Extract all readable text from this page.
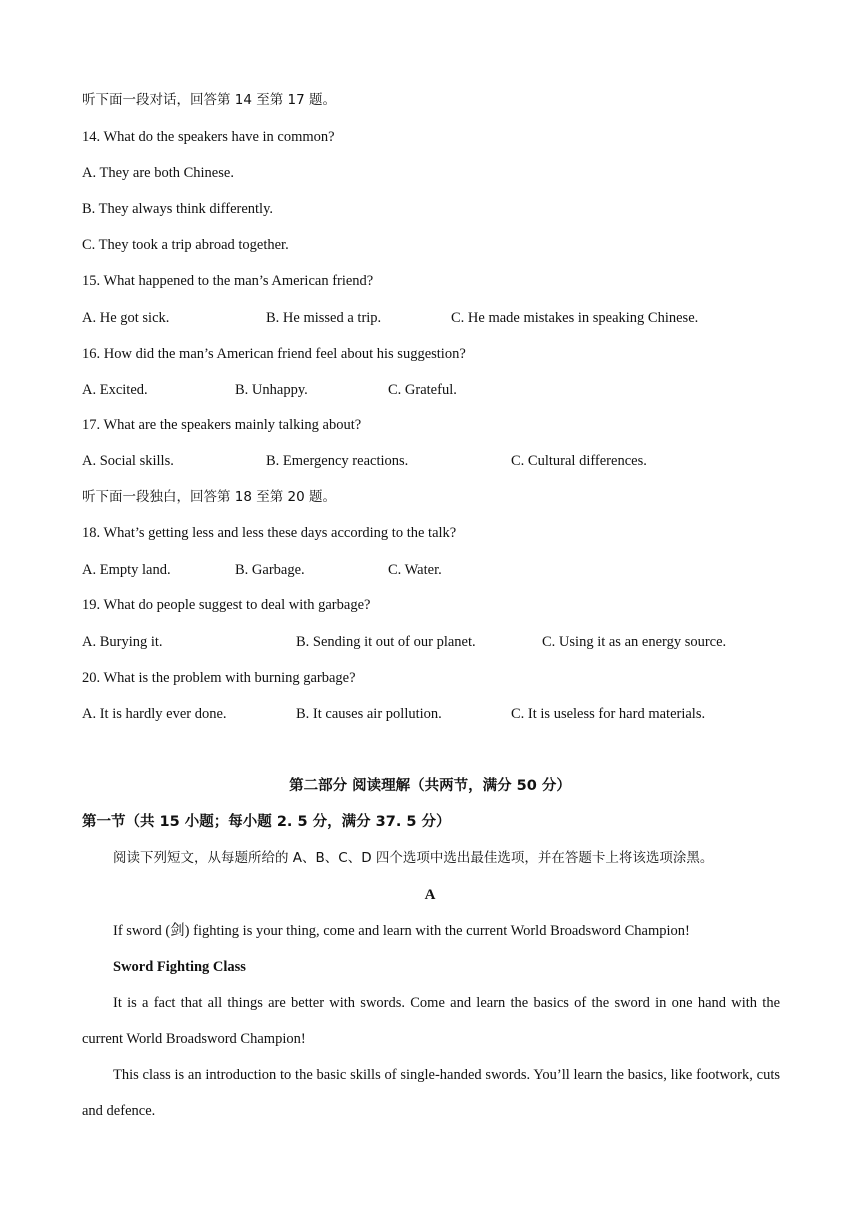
听下面一段对话，回答第 14 至第 17 题。
14. What do the speakers have in common?
A. They are both Chinese.
B. They always think differently.
C. They took a trip abroad together.
15. What happened to the man’s American friend?
A. He got sick.	B. He missed a trip.	C. He made mistakes in speaking Chinese.
16. How did the man’s American friend feel about his suggestion?
A. Excited.	B. Unhappy.	C. Grateful.
17. What are the speakers mainly talking about?
A. Social skills.	B. Emergency reactions.	C. Cultural differences.
听下面一段独白，回答第 18 至第 20 题。
18. What’s getting less and less these days according to the talk?
A. Empty land.	B. Garbage.	C. Water.
19. What do people suggest to deal with garbage?
A. Burying it.	B. Sending it out of our planet.	C. Using it as an energy source.
20. What is the problem with burning garbage?
A. It is hardly ever done.	B. It causes air pollution.	C. It is useless for hard materials.
第二部分 阅读理解（共两节，满分 50 分）
第一节（共 15 小题；每小题 2. 5 分，满分 37. 5 分）
阅读下列短文，从每题所给的 A、B、C、D 四个选项中选出最佳选项，并在答题卡上将该选项涂黑。
A
If sword (剑) fighting is your thing, come and learn with the current World Broadsword Champion!
Sword Fighting Class
It is a fact that all things are better with swords. Come and learn the basics of the sword in one hand with the current World Broadsword Champion!
This class is an introduction to the basic skills of single-handed swords. You’ll learn the basics, like footwork, cuts and defence.
